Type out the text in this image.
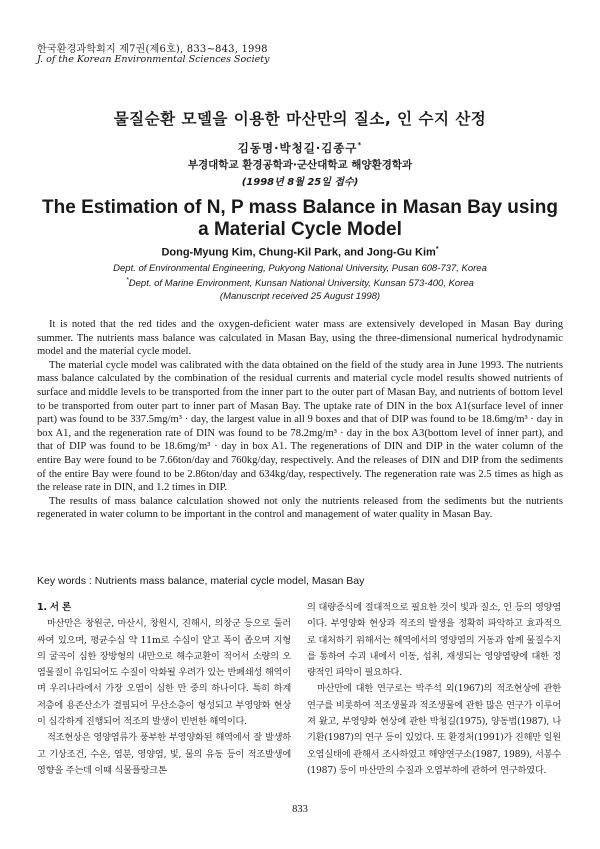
한국환경과학회지 제7권(제6호), 833∼843, 1998
J. of the Korean Environmental Sciences Society
물질순환 모델을 이용한 마산만의 질소, 인 수지 산정
김동명·박청길·김종구*
부경대학교 환경공학과·군산대학교 해양환경학과
(1998년 8월 25일 접수)
The Estimation of N, P mass Balance in Masan Bay using a Material Cycle Model
Dong-Myung Kim, Chung-Kil Park, and Jong-Gu Kim*
Dept. of Environmental Engineering, Pukyong National University, Pusan 608-737, Korea
*Dept. of Marine Environment, Kunsan National University, Kunsan 573-400, Korea
(Manuscript received 25 August 1998)

It is noted that the red tides and the oxygen-deficient water mass are extensively developed in Masan Bay during summer. The nutrients mass balance was calculated in Masan Bay, using the three-dimensional numerical hydrodynamic model and the material cycle model.

The material cycle model was calibrated with the data obtained on the field of the study area in June 1993. The nutrients mass balance calculated by the combination of the residual currents and material cycle model results showed nutrients of surface and middle levels to be transported from the inner part to the outer part of Masan Bay, and nutrients of bottom level to be transported from outer part to inner part of Masan Bay. The uptake rate of DIN in the box A1(surface level of inner part) was found to be 337.5mg/m³ · day, the largest value in all 9 boxes and that of DIP was found to be 18.6mg/m³ · day in box A1, and the regeneration rate of DIN was found to be 78.2mg/m³ · day in the box A3(bottom level of inner part), and that of DIP was found to be 18.6mg/m³ · day in box A1. The regenerations of DIN and DIP in the water column of the entire Bay were found to be 7.66ton/day and 760kg/day, respectively. And the releases of DIN and DIP from the sediments of the entire Bay were found to be 2.86ton/day and 634kg/day, respectively. The regeneration rate was 2.5 times as high as the release rate in DIN, and 1.2 times in DIP.

The results of mass balance calculation showed not only the nutrients released from the sediments but the nutrients regenerated in water column to be important in the control and management of water quality in Masan Bay.

Key words : Nutrients mass balance, material cycle model, Masan Bay

1. 서 론

마산만은 창원군, 마산시, 창원시, 진해시, 의창군 등으로 둘러싸여 있으며, 평균수심 약 11m로 수심이 얕고 폭이 좁으며 지형의 굴곡이 심한 장방형의 내만으로 해수교환이 적어서 소량의 오염물질이 유입되어도 수질이 악화될 우려가 있는 반폐쇄성 해역이며 우리나라에서 가장 오염이 심한 만 중의 하나이다. 특히 하계 저층에 용존산소가 결핍되어 무산소층이 형성되고 부영양화 현상이 심각하게 진행되어 적조의 발생이 빈번한 해역이다.

적조현상은 영양염류가 풍부한 부영양화된 해역에서 잘 발생하고 기상조건, 수온, 염분, 영양염, 빛, 물의 유동 등이 적조발생에 영향을 주는데 이때 식물플랑크톤

의 대량증식에 절대적으로 필요한 것이 빛과 질소, 인 등의 영양염이다. 부영양화 현상과 적조의 발생을 정확히 파악하고 효과적으로 대처하기 위해서는 해역에서의 영양염의 거동과 함께 물질수지를 통하여 수괴 내에서 이동, 섭취, 재생되는 영양염량에 대한 정량적인 파악이 필요하다.

마산만에 대한 연구로는 박주석 외(1967)의 적조현상에 관한 연구를 비롯하여 적조생물과 적조생물에 관한 많은 연구가 이루어져 왔고, 부영양화 현상에 관한 박청길(1975), 양동범(1987), 나기환(1987)의 연구 등이 있었다. 또 환경처(1991)가 진해만 일원 오염실태에 관해서 조사하였고 해양연구소(1987, 1989), 서봉수(1987) 등이 마산만의 수질과 오염부하에 관하여 연구하였다.

833
